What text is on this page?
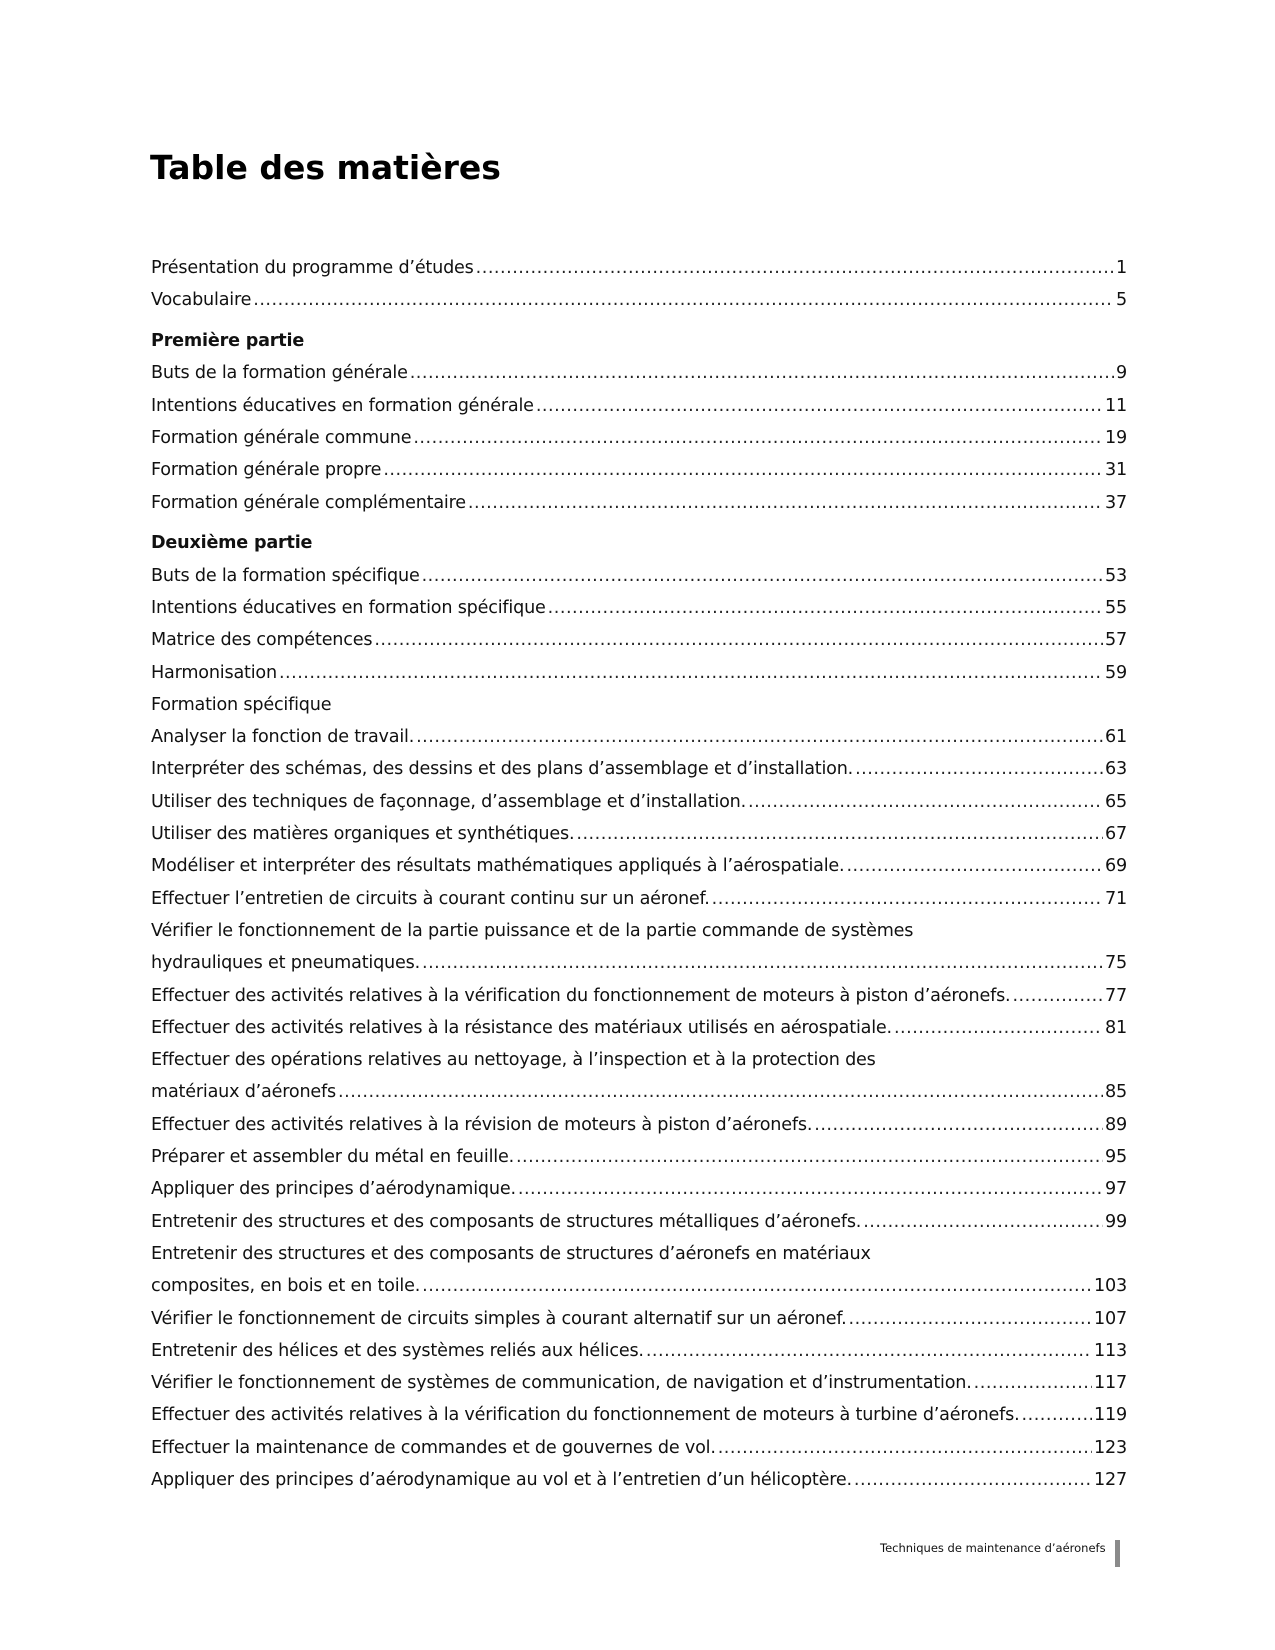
Table des matières
Présentation du programme d’études .....	1
Vocabulaire .....	5
Première partie
Buts de la formation générale .....	9
Intentions éducatives en formation générale .....	11
Formation générale commune .....	19
Formation générale propre .....	31
Formation générale complémentaire .....	37
Deuxième partie
Buts de la formation spécifique .....	53
Intentions éducatives en formation spécifique .....	55
Matrice des compétences .....	57
Harmonisation .....	59
Formation spécifique
Analyser la fonction de travail. .....	61
Interpréter des schémas, des dessins et des plans d’assemblage et d’installation. .....	63
Utiliser des techniques de façonnage, d’assemblage et d’installation. .....	65
Utiliser des matières organiques et synthétiques. .....	67
Modéliser et interpréter des résultats mathématiques appliqués à l’aérospatiale. .....	69
Effectuer l’entretien de circuits à courant continu sur un aéronef. .....	71
Vérifier le fonctionnement de la partie puissance et de la partie commande de systèmes
hydrauliques et pneumatiques. .....	75
Effectuer des activités relatives à la vérification du fonctionnement de moteurs à piston d’aéronefs. .....	77
Effectuer des activités relatives à la résistance des matériaux utilisés en aérospatiale. .....	81
Effectuer des opérations relatives au nettoyage, à l’inspection et à la protection des
matériaux d’aéronefs .....	85
Effectuer des activités relatives à la révision de moteurs à piston d’aéronefs. .....	89
Préparer et assembler du métal en feuille. .....	95
Appliquer des principes d’aérodynamique. .....	97
Entretenir des structures et des composants de structures métalliques d’aéronefs. .....	99
Entretenir des structures et des composants de structures d’aéronefs en matériaux
composites, en bois et en toile. .....	103
Vérifier le fonctionnement de circuits simples à courant alternatif sur un aéronef. .....	107
Entretenir des hélices et des systèmes reliés aux hélices. .....	113
Vérifier le fonctionnement de systèmes de communication, de navigation et d’instrumentation. .....	117
Effectuer des activités relatives à la vérification du fonctionnement de moteurs à turbine d’aéronefs. .....	119
Effectuer la maintenance de commandes et de gouvernes de vol. .....	123
Appliquer des principes d’aérodynamique au vol et à l’entretien d’un hélicoptère. .....	127
Techniques de maintenance d’aéronefs
